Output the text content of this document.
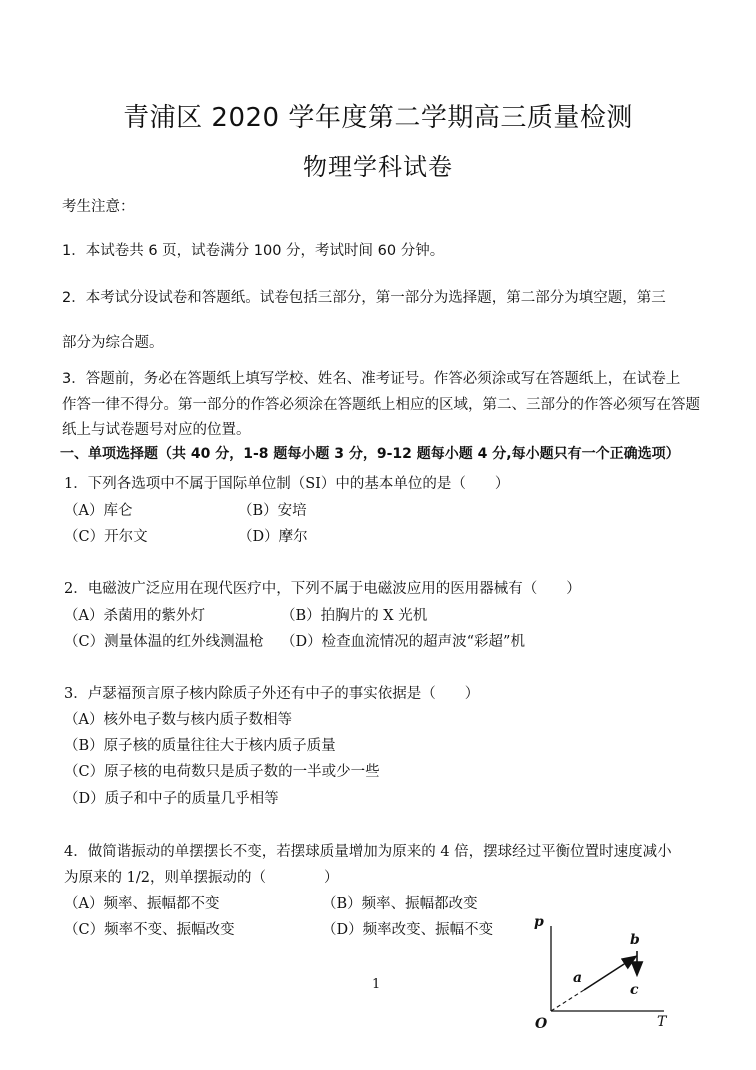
青浦区 2020 学年度第二学期高三质量检测
物理学科试卷
考生注意：
1．本试卷共 6 页，试卷满分 100 分，考试时间 60 分钟。
2．本考试分设试卷和答题纸。试卷包括三部分，第一部分为选择题，第二部分为填空题，第三
部分为综合题。
3．答题前，务必在答题纸上填写学校、姓名、准考证号。作答必须涂或写在答题纸上，在试卷上
作答一律不得分。第一部分的作答必须涂在答题纸上相应的区域，第二、三部分的作答必须写在答题
纸上与试卷题号对应的位置。
一、单项选择题（共 40 分，1-8 题每小题 3 分，9-12 题每小题 4 分,每小题只有一个正确选项）
1．下列各选项中不属于国际单位制（SI）中的基本单位的是（　　）
（A）库仑	（B）安培
（C）开尔文	（D）摩尔
2．电磁波广泛应用在现代医疗中，下列不属于电磁波应用的医用器械有（　　）
（A）杀菌用的紫外灯	（B）拍胸片的 X 光机
（C）测量体温的红外线测温枪 （D）检查血流情况的超声波“彩超”机
3．卢瑟福预言原子核内除质子外还有中子的事实依据是（　　）
（A）核外电子数与核内质子数相等
（B）原子核的质量往往大于核内质子质量
（C）原子核的电荷数只是质子数的一半或少一些
（D）质子和中子的质量几乎相等
4．做简谐振动的单摆摆长不变，若摆球质量增加为原来的 4 倍，摆球经过平衡位置时速度减小
为原来的 1/2，则单摆振动的（　　　　）
（A）频率、振幅都不变	（B）频率、振幅都改变
（C）频率不变、振幅改变	（D）频率改变、振幅不变
1
p
T
O
a
b
c
